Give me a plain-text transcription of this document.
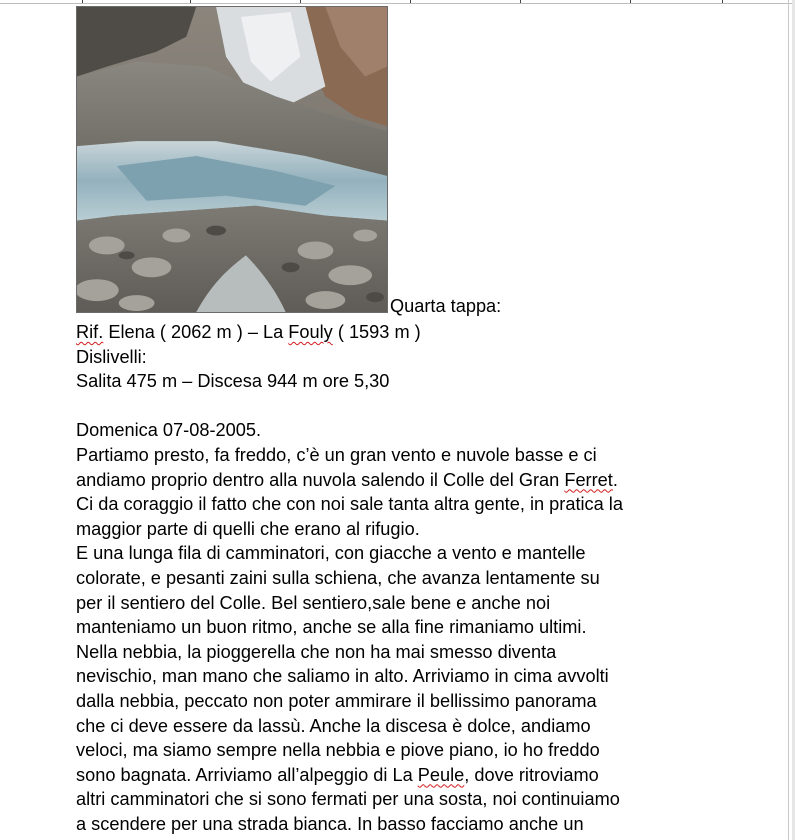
Quarta tappa:
Rif. Elena ( 2062 m ) – La Fouly ( 1593 m )
Dislivelli:
Salita 475 m – Discesa 944 m ore 5,30
Domenica 07-08-2005.
Partiamo presto, fa freddo, c’è un gran vento e nuvole basse e ci
andiamo proprio dentro alla nuvola salendo il Colle del Gran Ferret.
Ci da coraggio il fatto che con noi sale tanta altra gente, in pratica la
maggior parte di quelli che erano al rifugio.
E una lunga fila di camminatori, con giacche a vento e mantelle
colorate, e pesanti zaini sulla schiena, che avanza lentamente su
per il sentiero del Colle. Bel sentiero,sale bene e anche noi
manteniamo un buon ritmo, anche se alla fine rimaniamo ultimi.
Nella nebbia, la pioggerella che non ha mai smesso diventa
nevischio, man mano che saliamo in alto. Arriviamo in cima avvolti
dalla nebbia, peccato non poter ammirare il bellissimo panorama
che ci deve essere da lassù. Anche la discesa è dolce, andiamo
veloci, ma siamo sempre nella nebbia e piove piano, io ho freddo
sono bagnata. Arriviamo all’alpeggio di La Peule, dove ritroviamo
altri camminatori che si sono fermati per una sosta, noi continuiamo
a scendere per una strada bianca. In basso facciamo anche un
